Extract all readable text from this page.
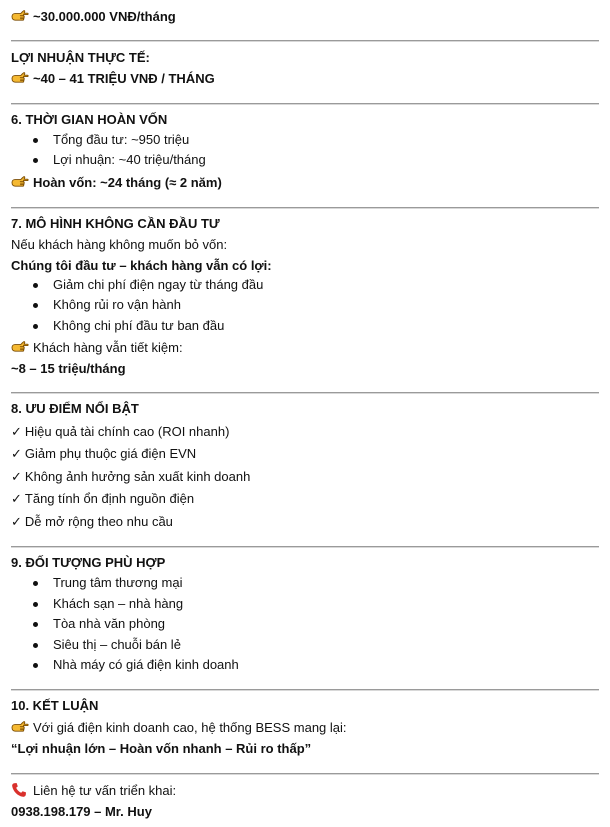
~30.000.000 VNĐ/tháng
LỢI NHUẬN THỰC TẾ:
~40 – 41 TRIỆU VNĐ / THÁNG
6. THỜI GIAN HOÀN VỐN
Tổng đầu tư: ~950 triệu
Lợi nhuận: ~40 triệu/tháng
Hoàn vốn: ~24 tháng (≈ 2 năm)
7. MÔ HÌNH KHÔNG CẦN ĐẦU TƯ
Nếu khách hàng không muốn bỏ vốn:
Chúng tôi đầu tư – khách hàng vẫn có lợi:
Giảm chi phí điện ngay từ tháng đầu
Không rủi ro vận hành
Không chi phí đầu tư ban đầu
Khách hàng vẫn tiết kiệm:
~8 – 15 triệu/tháng
8. ƯU ĐIỂM NỔI BẬT
✓ Hiệu quả tài chính cao (ROI nhanh)
✓ Giảm phụ thuộc giá điện EVN
✓ Không ảnh hưởng sản xuất kinh doanh
✓ Tăng tính ổn định nguồn điện
✓ Dễ mở rộng theo nhu cầu
9. ĐỐI TƯỢNG PHÙ HỢP
Trung tâm thương mại
Khách sạn – nhà hàng
Tòa nhà văn phòng
Siêu thị – chuỗi bán lẻ
Nhà máy có giá điện kinh doanh
10. KẾT LUẬN
Với giá điện kinh doanh cao, hệ thống BESS mang lại:
“Lợi nhuận lớn – Hoàn vốn nhanh – Rủi ro thấp”
Liên hệ tư vấn triển khai:
0938.198.179 – Mr. Huy
